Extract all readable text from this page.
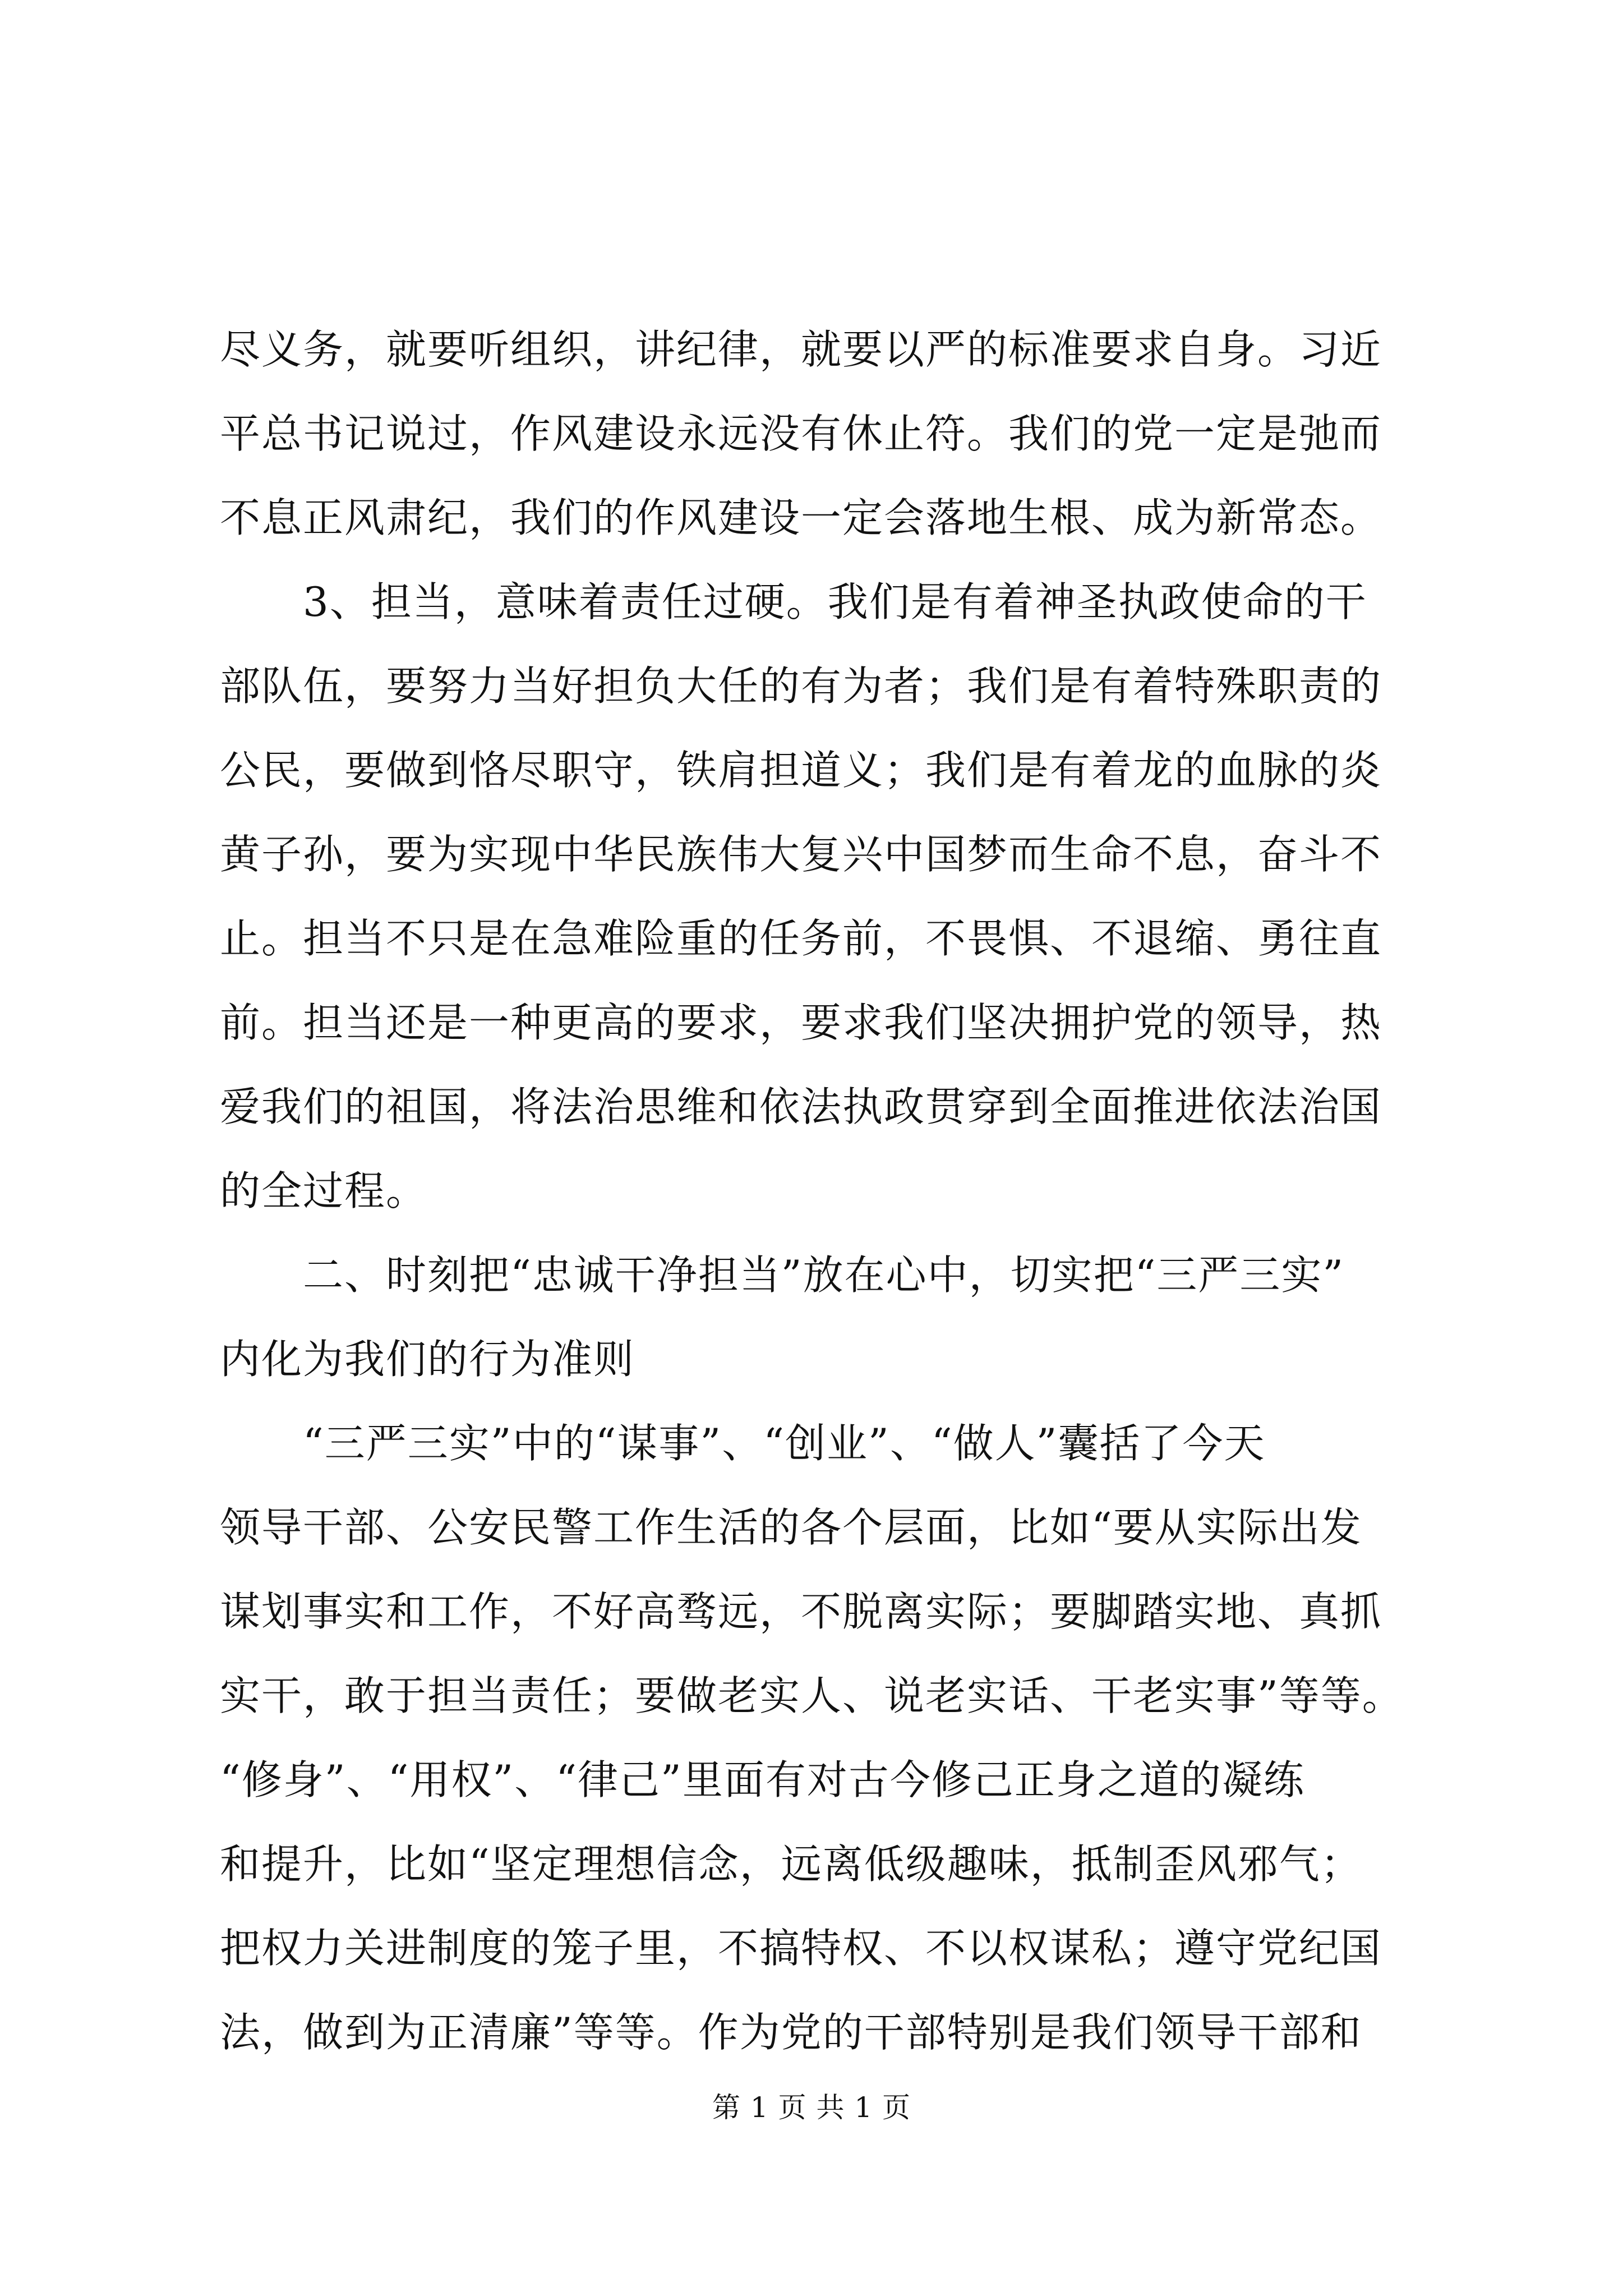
尽义务，就要听组织，讲纪律，就要以严的标准要求自身。习近
平总书记说过，作风建设永远没有休止符。我们的党一定是弛而
不息正风肃纪，我们的作风建设一定会落地生根、成为新常态。
　　3、担当，意味着责任过硬。我们是有着神圣执政使命的干
部队伍，要努力当好担负大任的有为者；我们是有着特殊职责的
公民，要做到恪尽职守，铁肩担道义；我们是有着龙的血脉的炎
黄子孙，要为实现中华民族伟大复兴中国梦而生命不息，奋斗不
止。担当不只是在急难险重的任务前，不畏惧、不退缩、勇往直
前。担当还是一种更高的要求，要求我们坚决拥护党的领导，热
爱我们的祖国，将法治思维和依法执政贯穿到全面推进依法治国
的全过程。
　　二、时刻把“忠诚干净担当”放在心中，切实把“三严三实”
内化为我们的行为准则
　　“三严三实”中的“谋事”、“创业”、“做人”囊括了今天
领导干部、公安民警工作生活的各个层面，比如“要从实际出发
谋划事实和工作，不好高骛远，不脱离实际；要脚踏实地、真抓
实干，敢于担当责任；要做老实人、说老实话、干老实事”等等。
“修身”、“用权”、“律己”里面有对古今修己正身之道的凝练
和提升，比如“坚定理想信念，远离低级趣味，抵制歪风邪气；
把权力关进制度的笼子里，不搞特权、不以权谋私；遵守党纪国
法，做到为正清廉”等等。作为党的干部特别是我们领导干部和
第 1 页 共 1 页
